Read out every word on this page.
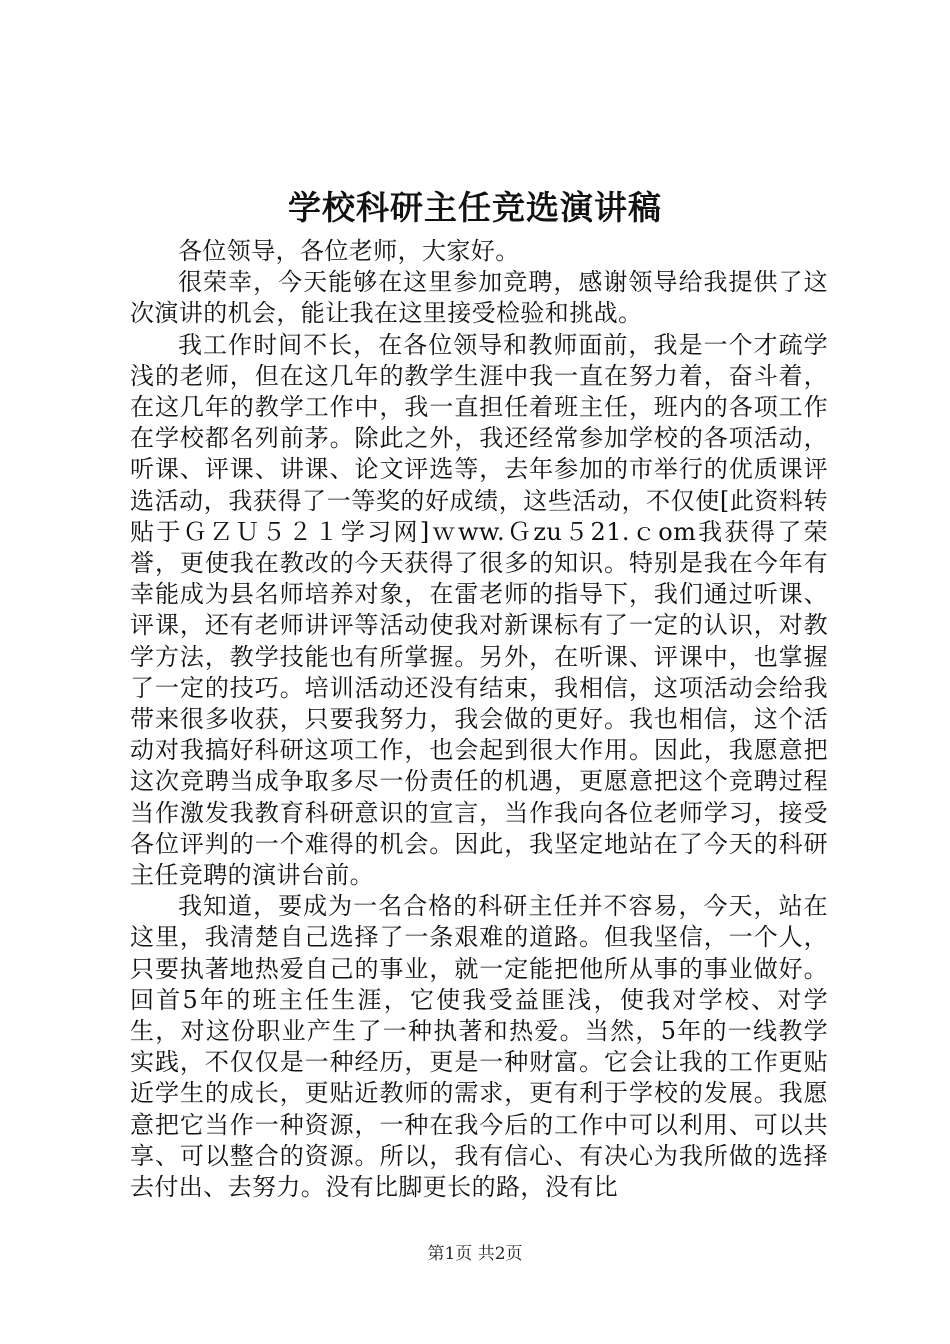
学校科研主任竞选演讲稿

各位领导，各位老师，大家好。

很荣幸，今天能够在这里参加竞聘，感谢领导给我提供了这次演讲的机会，能让我在这里接受检验和挑战。

我工作时间不长，在各位领导和教师面前，我是一个才疏学浅的老师，但在这几年的教学生涯中我一直在努力着，奋斗着，在这几年的教学工作中，我一直担任着班主任，班内的各项工作在学校都名列前茅。除此之外，我还经常参加学校的各项活动，听课、评课、讲课、论文评选等，去年参加的市举行的优质课评选活动，我获得了一等奖的好成绩，这些活动，不仅使[此资料转贴于ＧＺＵ５２１学习网]ｗww.Ｇzu５21.ｃom我获得了荣誉，更使我在教改的今天获得了很多的知识。特别是我在今年有幸能成为县名师培养对象，在雷老师的指导下，我们通过听课、评课，还有老师讲评等活动使我对新课标有了一定的认识，对教学方法，教学技能也有所掌握。另外，在听课、评课中，也掌握了一定的技巧。培训活动还没有结束，我相信，这项活动会给我带来很多收获，只要我努力，我会做的更好。我也相信，这个活动对我搞好科研这项工作，也会起到很大作用。因此，我愿意把这次竞聘当成争取多尽一份责任的机遇，更愿意把这个竞聘过程当作激发我教育科研意识的宣言，当作我向各位老师学习，接受各位评判的一个难得的机会。因此，我坚定地站在了今天的科研主任竞聘的演讲台前。

我知道，要成为一名合格的科研主任并不容易，今天，站在这里，我清楚自己选择了一条艰难的道路。但我坚信，一个人，只要执著地热爱自己的事业，就一定能把他所从事的事业做好。回首5年的班主任生涯，它使我受益匪浅，使我对学校、对学生，对这份职业产生了一种执著和热爱。当然，5年的一线教学实践，不仅仅是一种经历，更是一种财富。它会让我的工作更贴近学生的成长，更贴近教师的需求，更有利于学校的发展。我愿意把它当作一种资源，一种在我今后的工作中可以利用、可以共享、可以整合的资源。所以，我有信心、有决心为我所做的选择去付出、去努力。没有比脚更长的路，没有比

第1页 共2页
